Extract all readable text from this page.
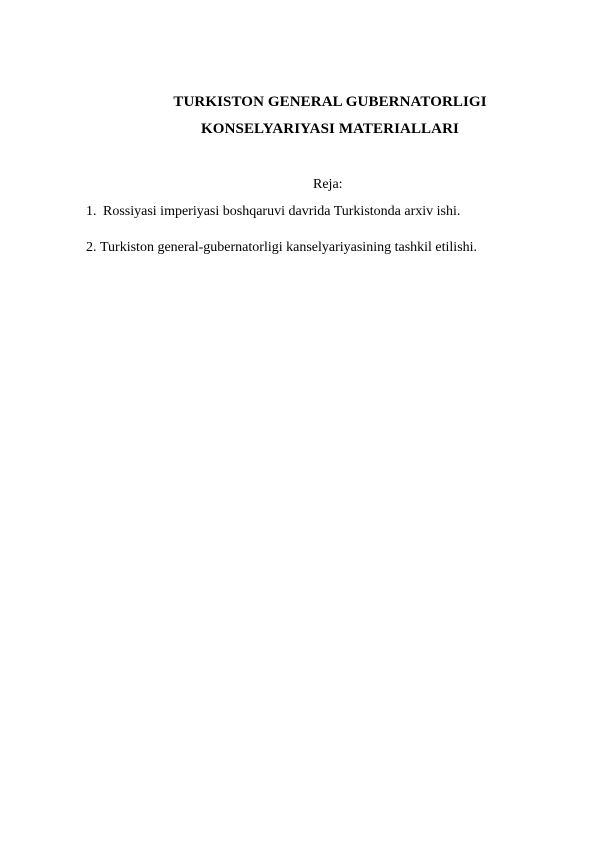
TURKISTON GENERAL GUBERNATORLIGI
KONSELYARIYASI MATERIALLARI
Reja:
1. Rossiyasi imperiyasi boshqaruvi davrida Turkistonda arxiv ishi.
2. Turkiston general-gubernatorligi kanselyariyasining tashkil etilishi.
